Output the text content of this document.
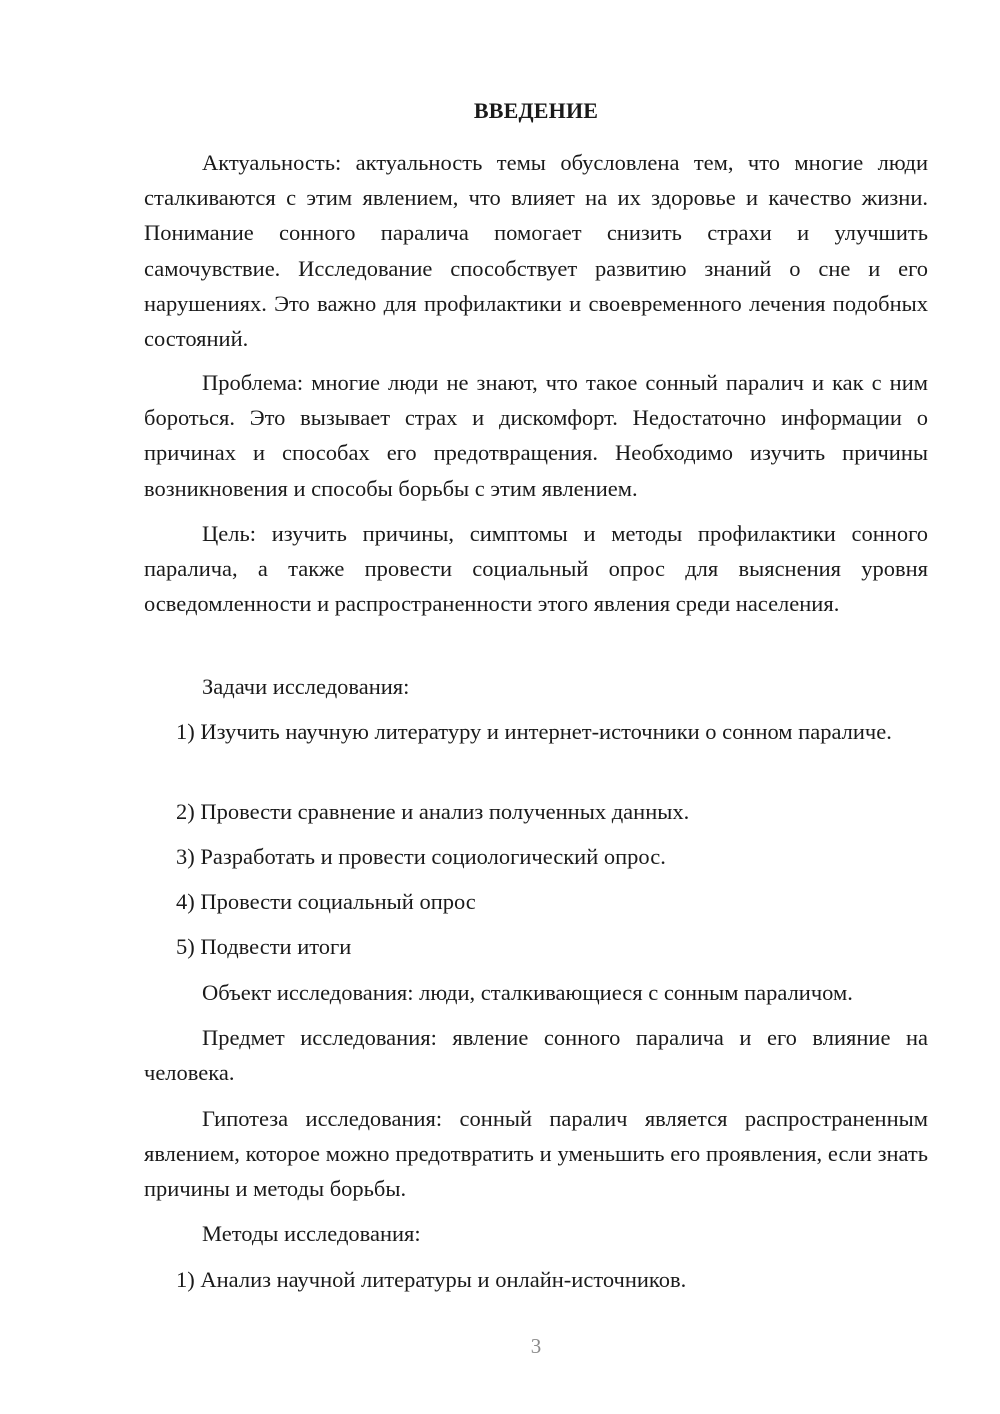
ВВЕДЕНИЕ

Актуальность: актуальность темы обусловлена тем, что многие люди сталкиваются с этим явлением, что влияет на их здоровье и качество жизни. Понимание сонного паралича помогает снизить страхи и улучшить самочувствие. Исследование способствует развитию знаний о сне и его нарушениях. Это важно для профилактики и своевременного лечения подобных состояний.

Проблема: многие люди не знают, что такое сонный паралич и как с ним бороться. Это вызывает страх и дискомфорт. Недостаточно информации о причинах и способах его предотвращения. Необходимо изучить причины возникновения и способы борьбы с этим явлением.

Цель: изучить причины, симптомы и методы профилактики сонного паралича, а также провести социальный опрос для выяснения уровня осведомленности и распространенности этого явления среди населения.

Задачи исследования:

1) Изучить научную литературу и интернет-источники о сонном параличе.

2) Провести сравнение и анализ полученных данных.

3) Разработать и провести социологический опрос.

4) Провести социальный опрос

5) Подвести итоги

Объект исследования: люди, сталкивающиеся с сонным параличом.

Предмет исследования: явление сонного паралича и его влияние на человека.

Гипотеза исследования: сонный паралич является распространенным явлением, которое можно предотвратить и уменьшить его проявления, если знать причины и методы борьбы.

Методы исследования:

1) Анализ научной литературы и онлайн-источников.

3
